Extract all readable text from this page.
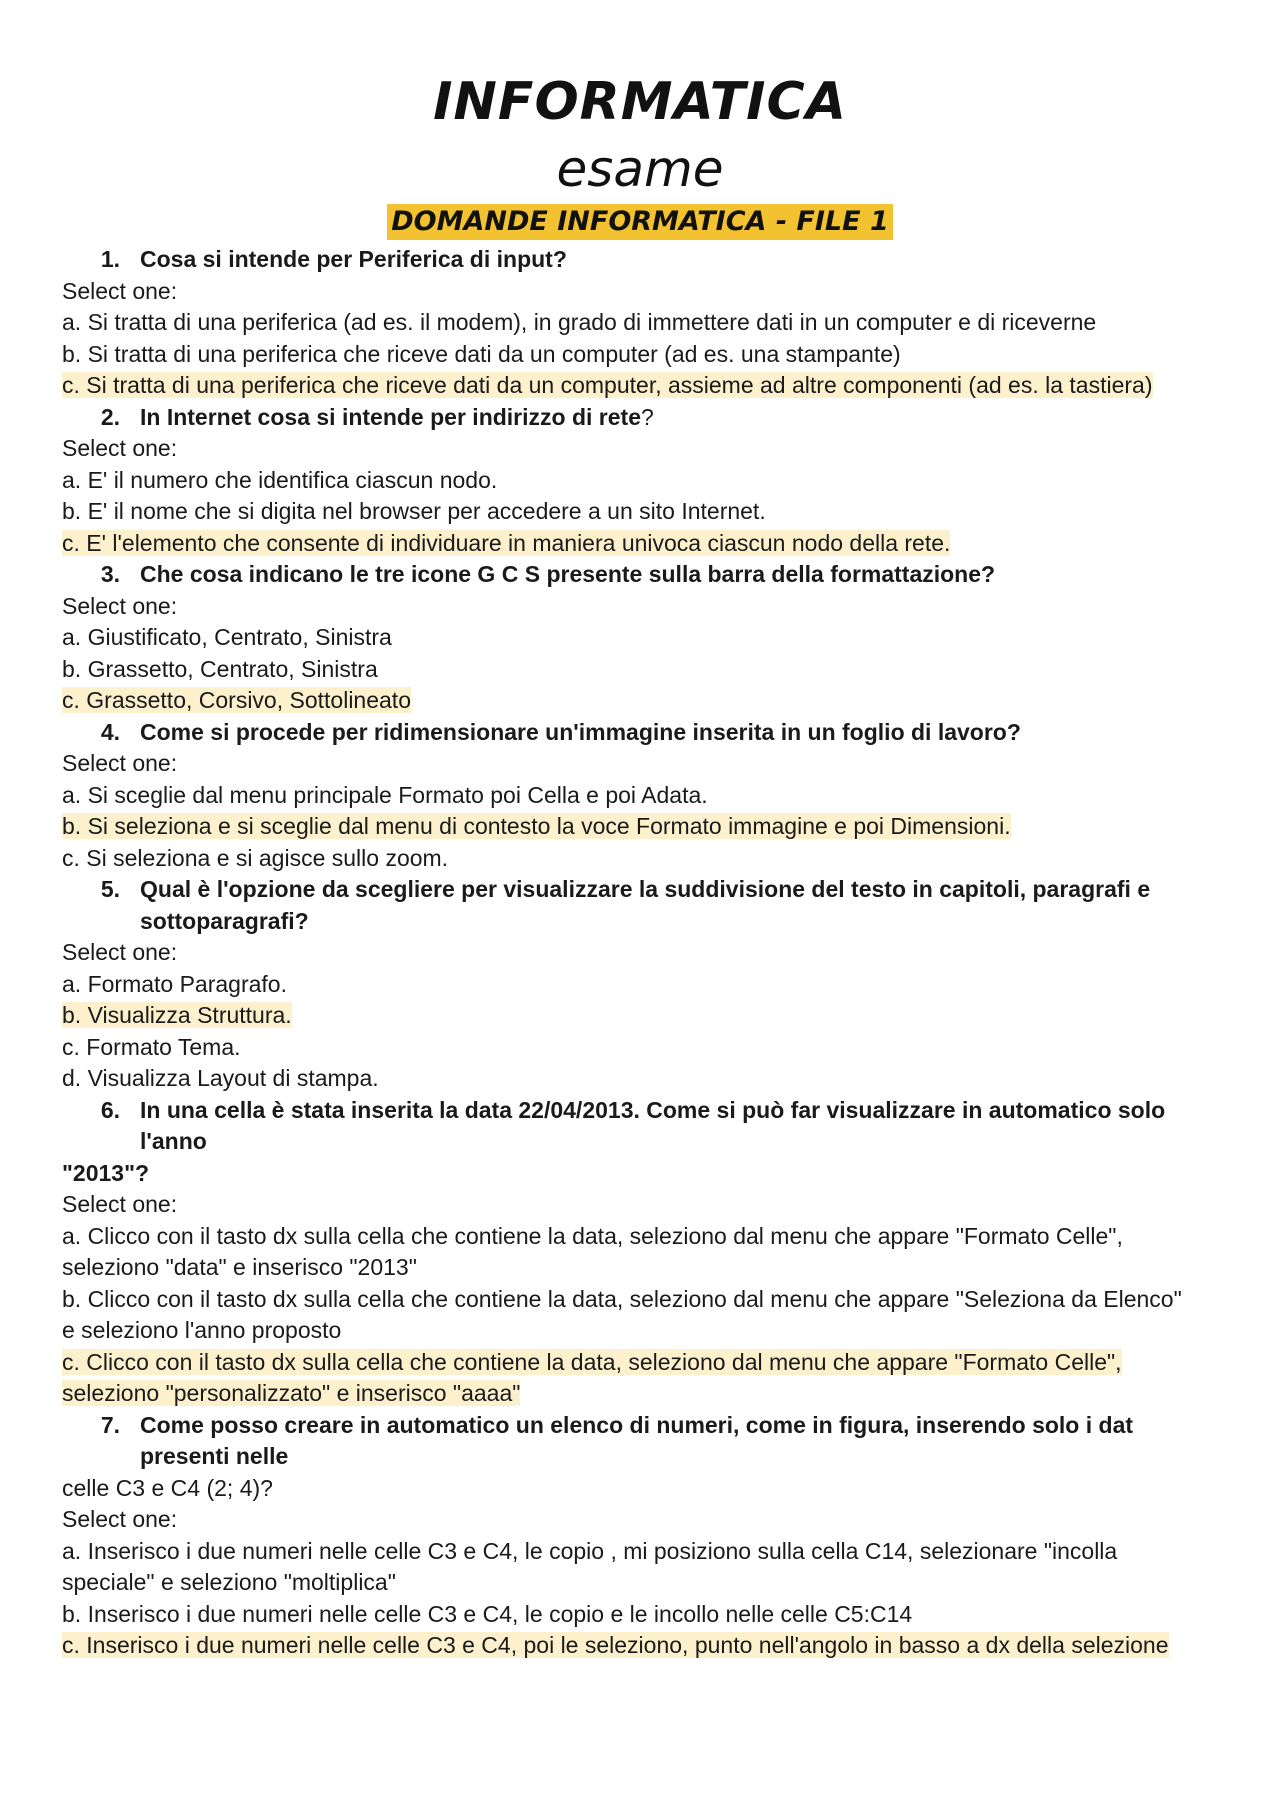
INFORMATICA
esame
DOMANDE INFORMATICA - FILE 1
1. Cosa si intende per Periferica di input?
Select one:
a. Si tratta di una periferica (ad es. il modem), in grado di immettere dati in un computer e di riceverne
b. Si tratta di una periferica che riceve dati da un computer (ad es. una stampante)
c. Si tratta di una periferica che riceve dati da un computer, assieme ad altre componenti (ad es. la tastiera)
2. In Internet cosa si intende per indirizzo di rete?
Select one:
a. E' il numero che identifica ciascun nodo.
b. E' il nome che si digita nel browser per accedere a un sito Internet.
c. E' l'elemento che consente di individuare in maniera univoca ciascun nodo della rete.
3. Che cosa indicano le tre icone G C S presente sulla barra della formattazione?
Select one:
a. Giustificato, Centrato, Sinistra
b. Grassetto, Centrato, Sinistra
c. Grassetto, Corsivo, Sottolineato
4. Come si procede per ridimensionare un'immagine inserita in un foglio di lavoro?
Select one:
a. Si sceglie dal menu principale Formato poi Cella e poi Adata.
b. Si seleziona e si sceglie dal menu di contesto la voce Formato immagine e poi Dimensioni.
c. Si seleziona e si agisce sullo zoom.
5. Qual è l'opzione da scegliere per visualizzare la suddivisione del testo in capitoli, paragrafi e
sottoparagrafi?
Select one:
a. Formato Paragrafo.
b. Visualizza Struttura.
c. Formato Tema.
d. Visualizza Layout di stampa.
6. In una cella è stata inserita la data 22/04/2013. Come si può far visualizzare in automatico solo
l'anno
"2013"?
Select one:
a. Clicco con il tasto dx sulla cella che contiene la data, seleziono dal menu che appare "Formato Celle",
seleziono "data" e inserisco "2013"
b. Clicco con il tasto dx sulla cella che contiene la data, seleziono dal menu che appare "Seleziona da Elenco"
e seleziono l'anno proposto
c. Clicco con il tasto dx sulla cella che contiene la data, seleziono dal menu che appare "Formato Celle",
seleziono "personalizzato" e inserisco "aaaa"
7. Come posso creare in automatico un elenco di numeri, come in figura, inserendo solo i dat
presenti nelle
celle C3 e C4 (2; 4)?
Select one:
a. Inserisco i due numeri nelle celle C3 e C4, le copio , mi posiziono sulla cella C14, selezionare "incolla
speciale" e seleziono "moltiplica"
b. Inserisco i due numeri nelle celle C3 e C4, le copio e le incollo nelle celle C5:C14
c. Inserisco i due numeri nelle celle C3 e C4, poi le seleziono, punto nell'angolo in basso a dx della selezione
